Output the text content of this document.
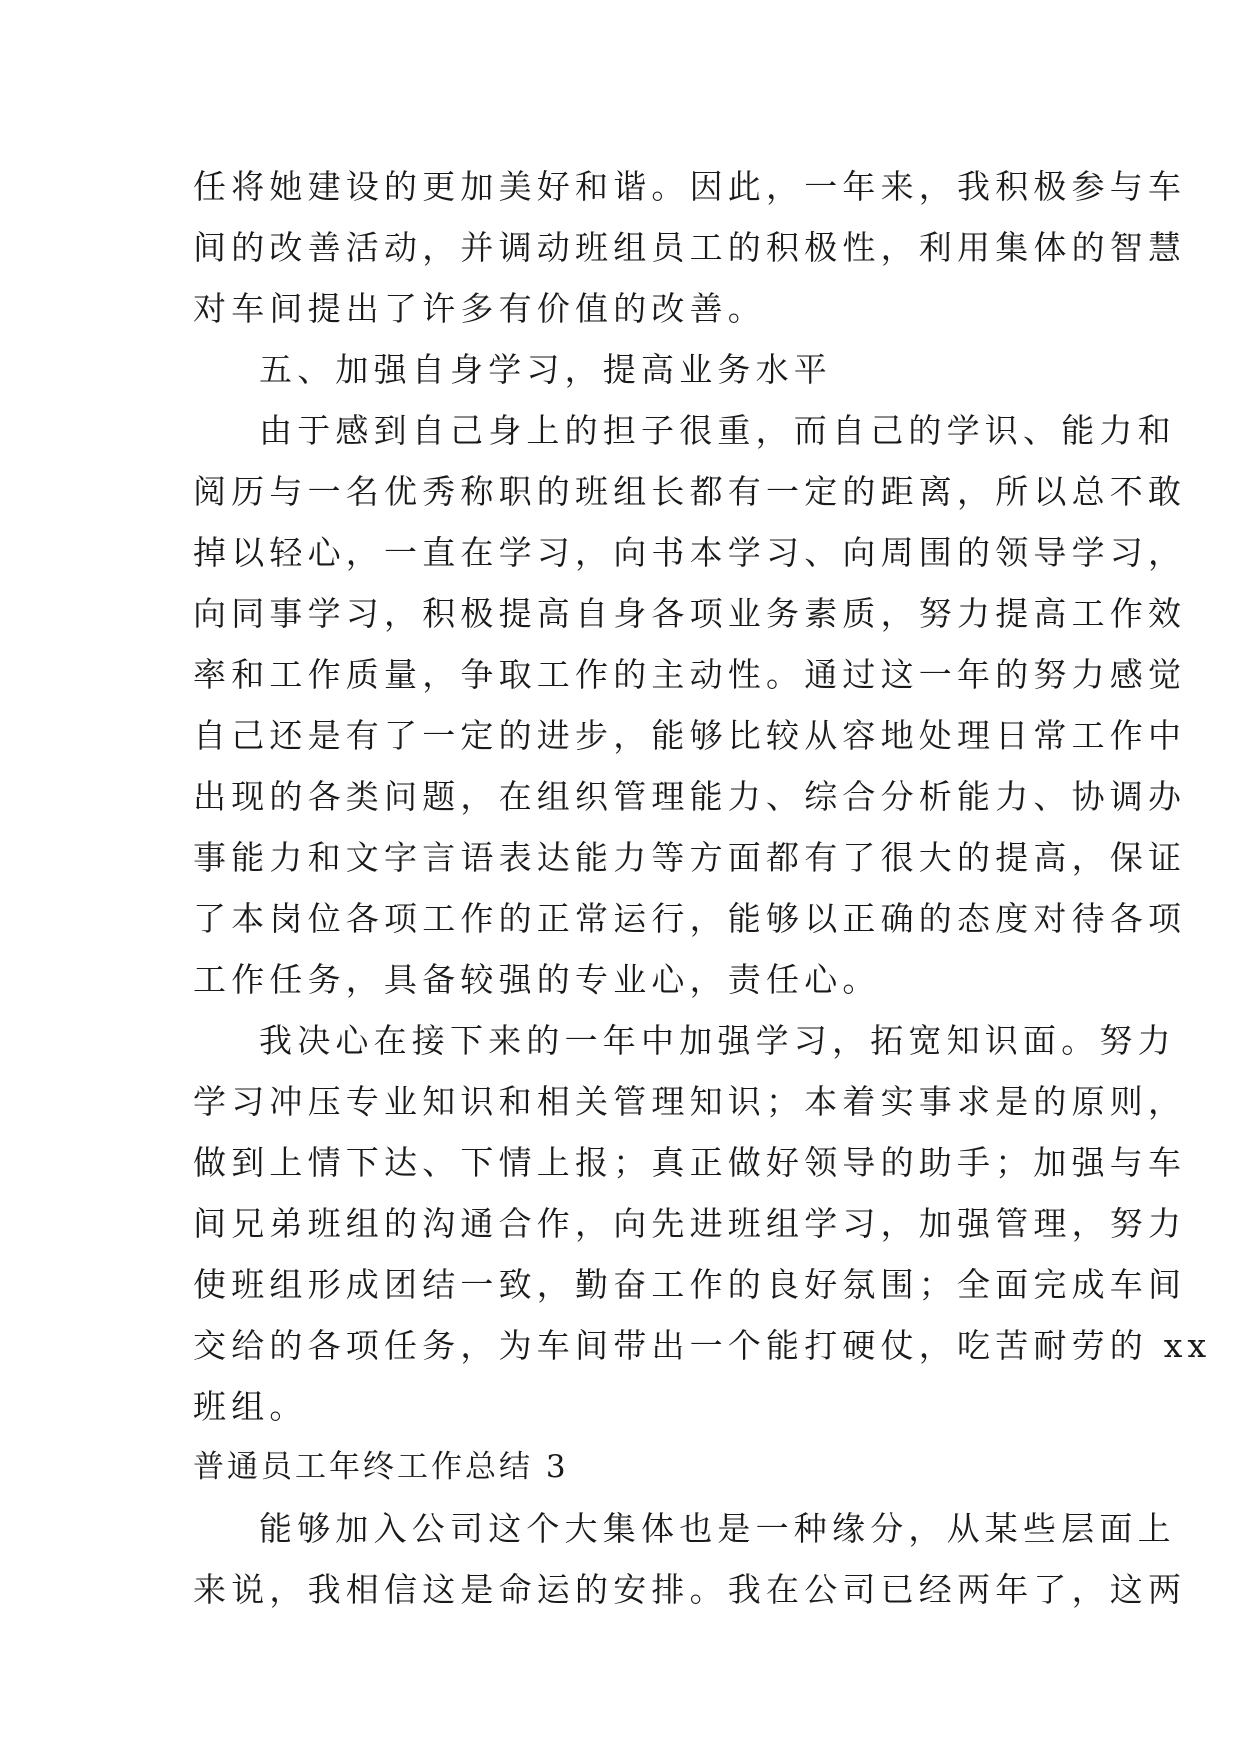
任将她建设的更加美好和谐。因此，一年来，我积极参与车
间的改善活动，并调动班组员工的积极性，利用集体的智慧
对车间提出了许多有价值的改善。
五、加强自身学习，提高业务水平
由于感到自己身上的担子很重，而自己的学识、能力和
阅历与一名优秀称职的班组长都有一定的距离，所以总不敢
掉以轻心，一直在学习，向书本学习、向周围的领导学习，
向同事学习，积极提高自身各项业务素质，努力提高工作效
率和工作质量，争取工作的主动性。通过这一年的努力感觉
自己还是有了一定的进步，能够比较从容地处理日常工作中
出现的各类问题，在组织管理能力、综合分析能力、协调办
事能力和文字言语表达能力等方面都有了很大的提高，保证
了本岗位各项工作的正常运行，能够以正确的态度对待各项
工作任务，具备较强的专业心，责任心。
我决心在接下来的一年中加强学习，拓宽知识面。努力
学习冲压专业知识和相关管理知识；本着实事求是的原则，
做到上情下达、下情上报；真正做好领导的助手；加强与车
间兄弟班组的沟通合作，向先进班组学习，加强管理，努力
使班组形成团结一致，勤奋工作的良好氛围；全面完成车间
交给的各项任务，为车间带出一个能打硬仗，吃苦耐劳的 xx
班组。
普通员工年终工作总结 3
能够加入公司这个大集体也是一种缘分，从某些层面上
来说，我相信这是命运的安排。我在公司已经两年了，这两
